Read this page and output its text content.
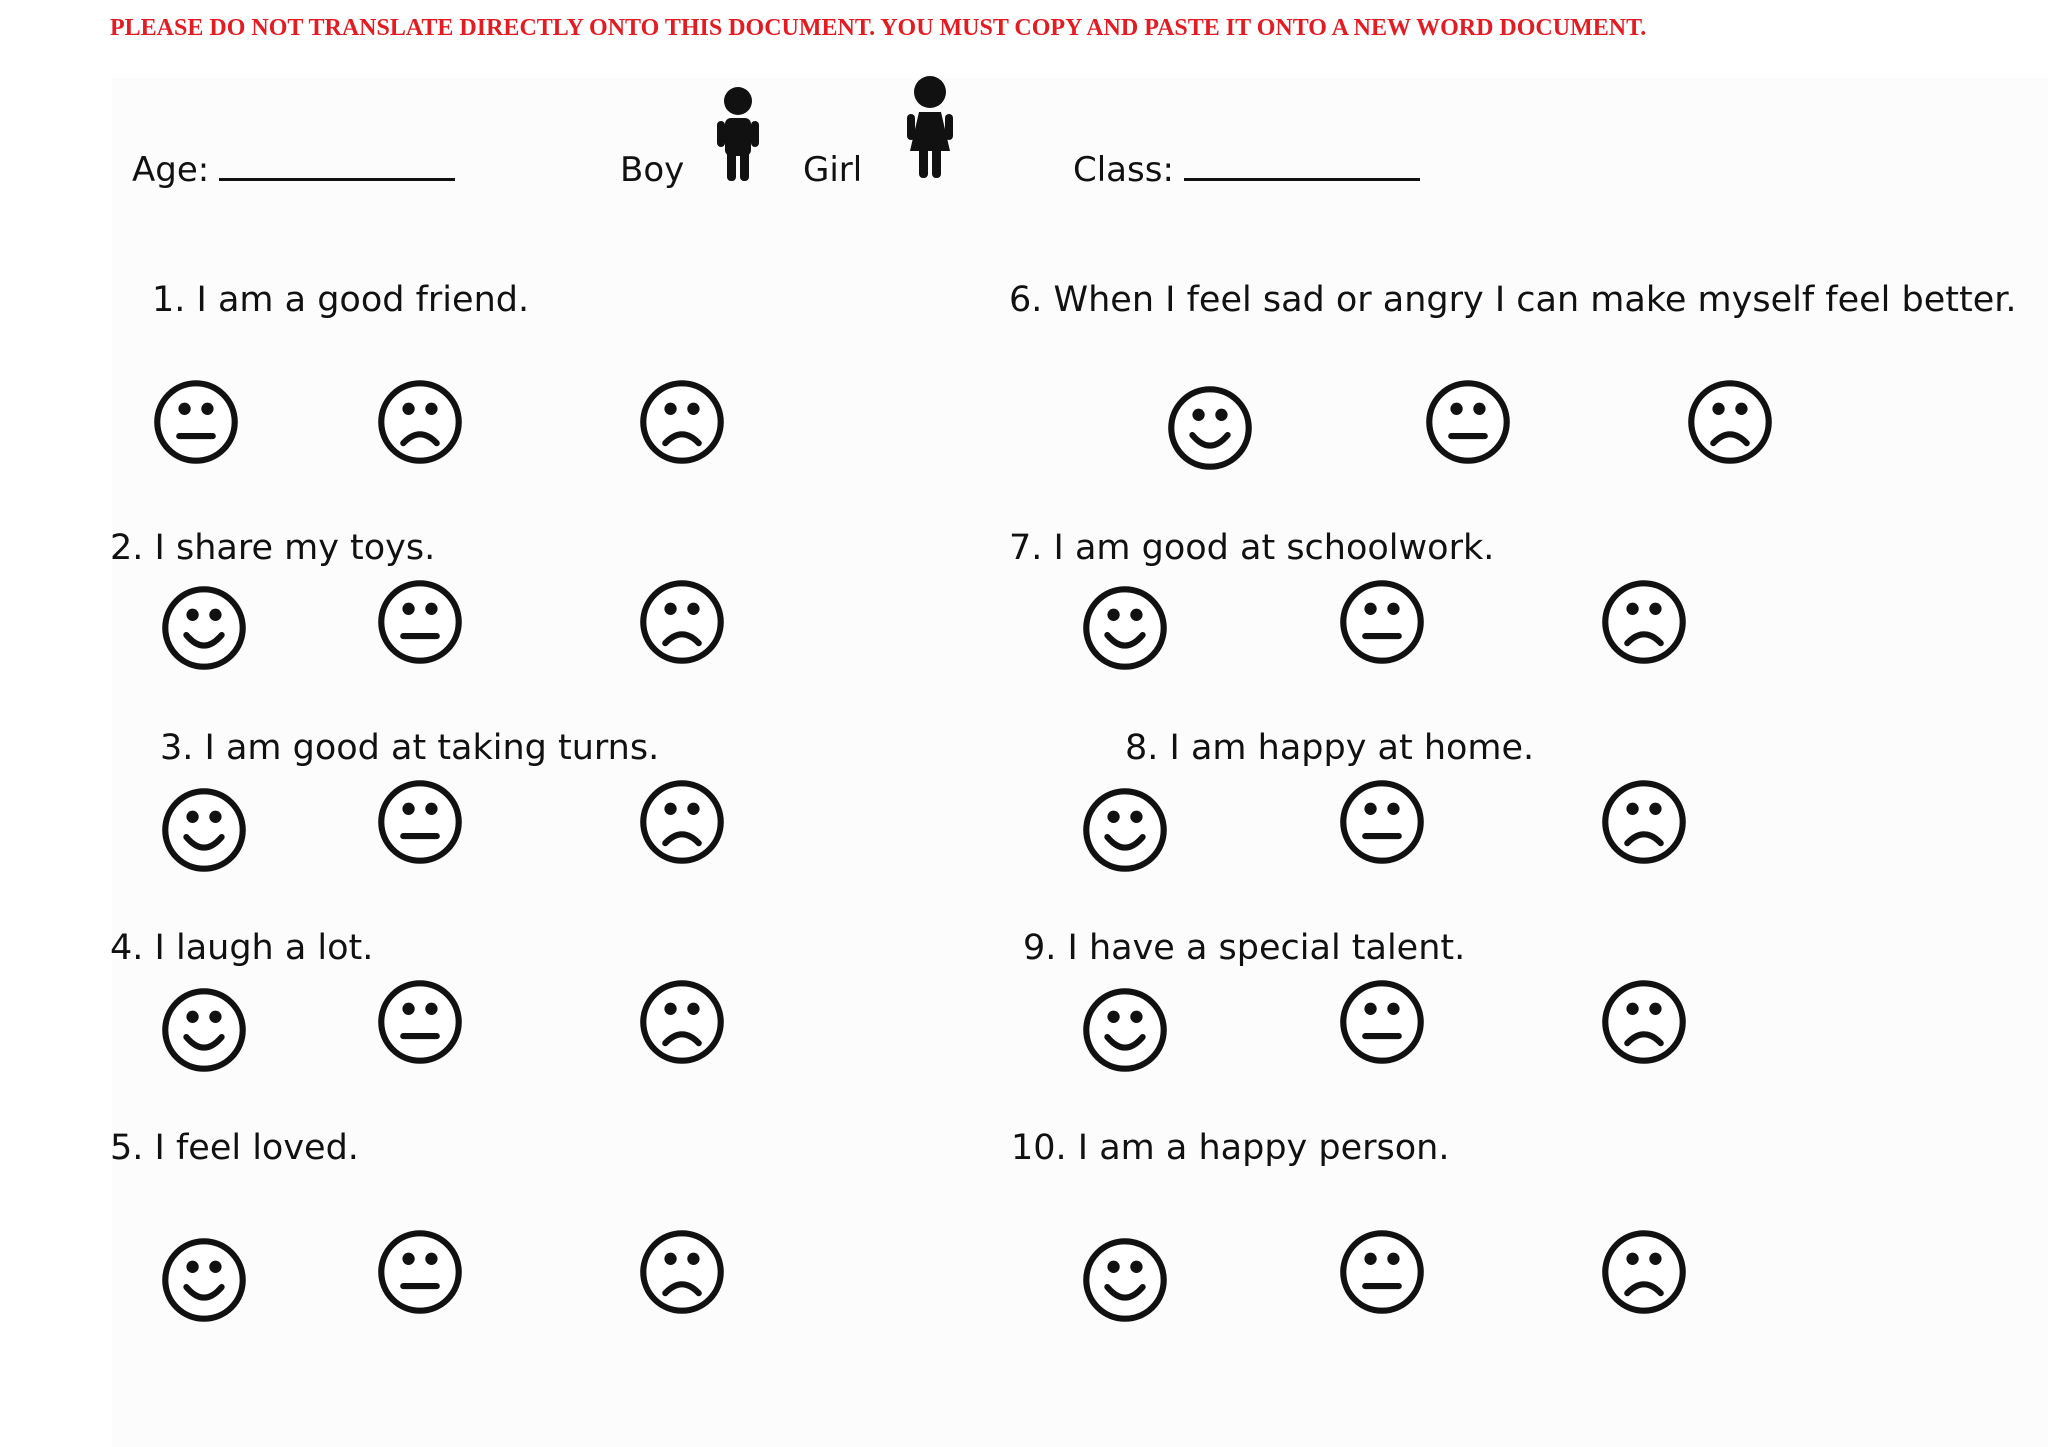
PLEASE DO NOT TRANSLATE DIRECTLY ONTO THIS DOCUMENT. YOU MUST COPY AND PASTE IT ONTO A NEW WORD DOCUMENT.
Age:	Boy	Girl	Class:
1. I am a good friend.
2. I share my toys.
3. I am good at taking turns.
4. I laugh a lot.
5. I feel loved.
6. When I feel sad or angry I can make myself feel better.
7. I am good at schoolwork.
8. I am happy at home.
9. I have a special talent.
10. I am a happy person.
